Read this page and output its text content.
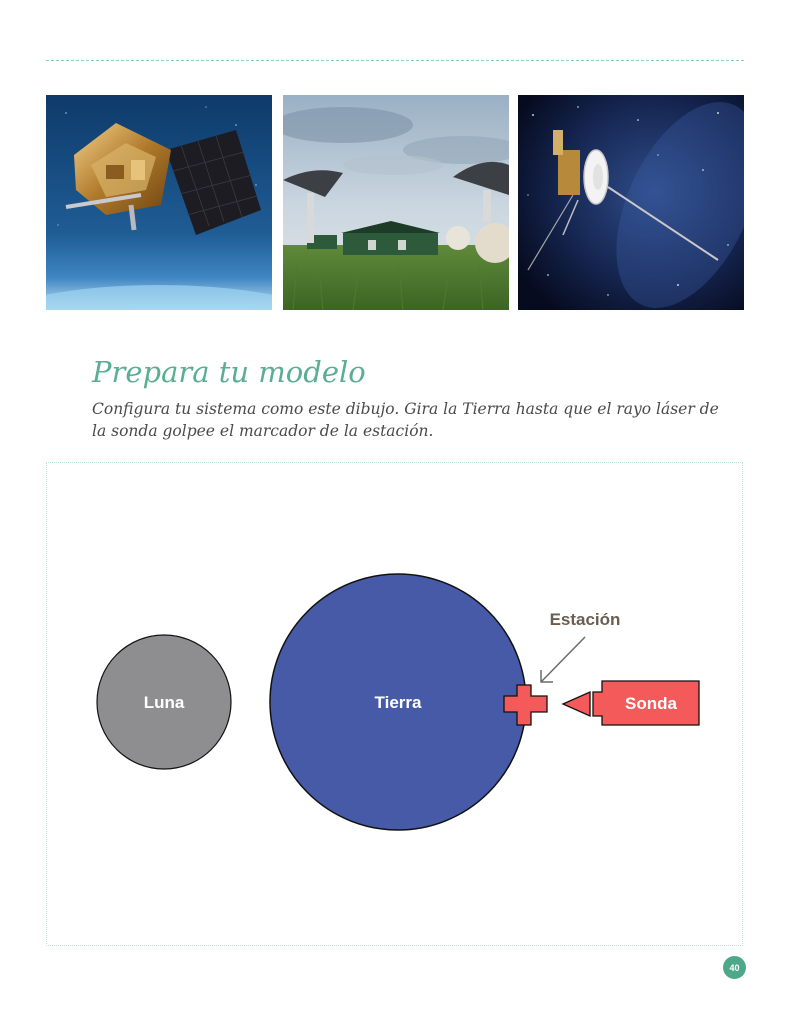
Prepara tu modelo

Configura tu sistema como este dibujo. Gira la Tierra hasta que el rayo láser de la sonda golpee el marcador de la estación.

Luna	Tierra
Estación
Sonda
40
